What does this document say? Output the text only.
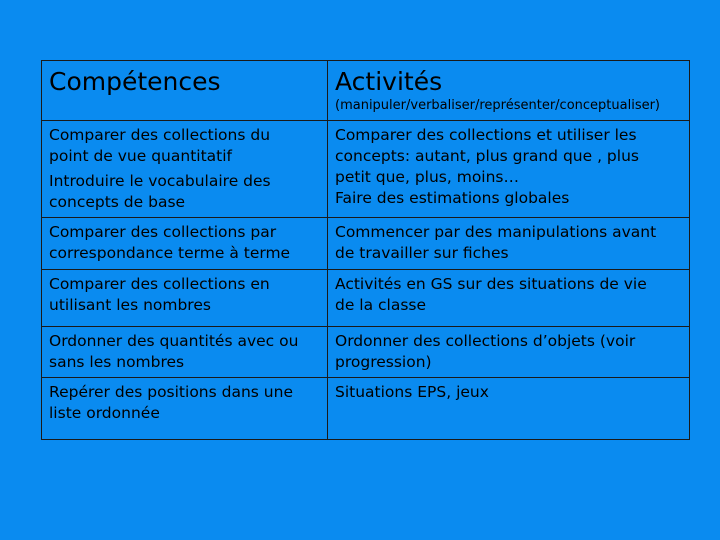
Compétences	Activités
(manipuler/verbaliser/représenter/conceptualiser)
Comparer des collections du
point de vue quantitatif
Introduire le vocabulaire des
concepts de base
Comparer des collections et utiliser les
concepts: autant, plus grand que , plus
petit que, plus, moins…
Faire des estimations globales
Comparer des collections par
correspondance terme à terme
Commencer par des manipulations avant
de travailler sur fiches
Comparer des collections en
utilisant les nombres
Activités en GS sur des situations de vie
de la classe
Ordonner des quantités avec ou
sans les nombres
Ordonner des collections d’objets (voir
progression)
Repérer des positions dans une
liste ordonnée
Situations EPS, jeux
